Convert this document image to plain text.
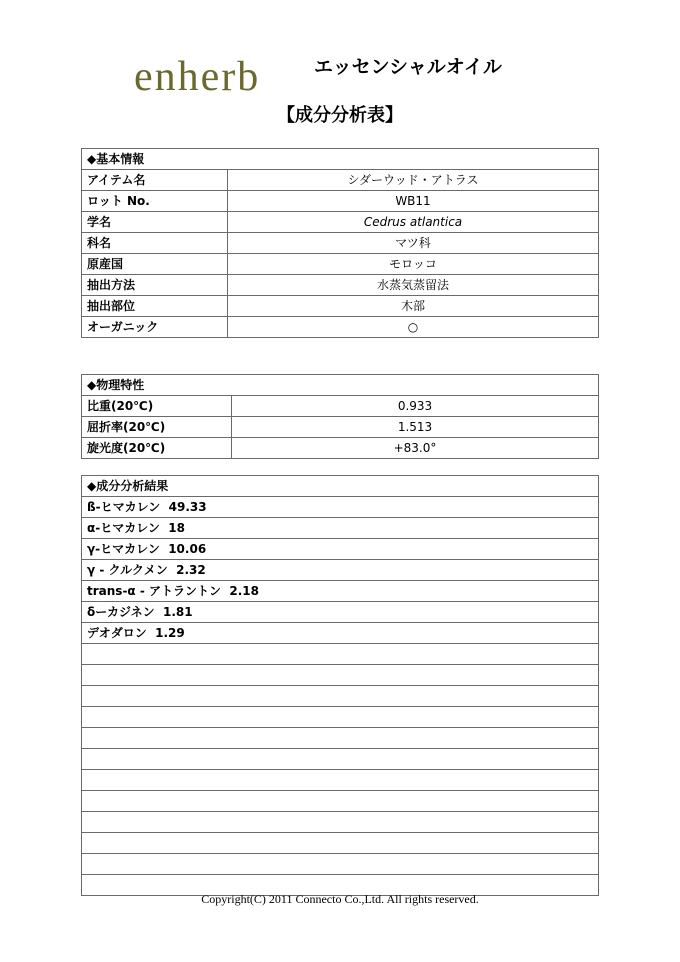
enherb	エッセンシャルオイル
【成分分析表】
◆基本情報	
アイテム名	シダーウッド・アトラス
ロット No.	WB11
学名	Cedrus atlantica
科名	マツ科
原産国	モロッコ
抽出方法	水蒸気蒸留法
抽出部位	木部
オーガニック	○
◆物理特性	
比重(20℃)	0.933
屈折率(20℃)	1.513
旋光度(20℃)	+83.0°
◆成分分析結果
ß-ヒマカレン  49.33
α-ヒマカレン  18
γ-ヒマカレン  10.06
γ - クルクメン  2.32
trans-α - アトラントン  2.18
δーカジネン  1.81
デオダロン  1.29

Copyright(C) 2011 Connecto Co.,Ltd. All rights reserved.
